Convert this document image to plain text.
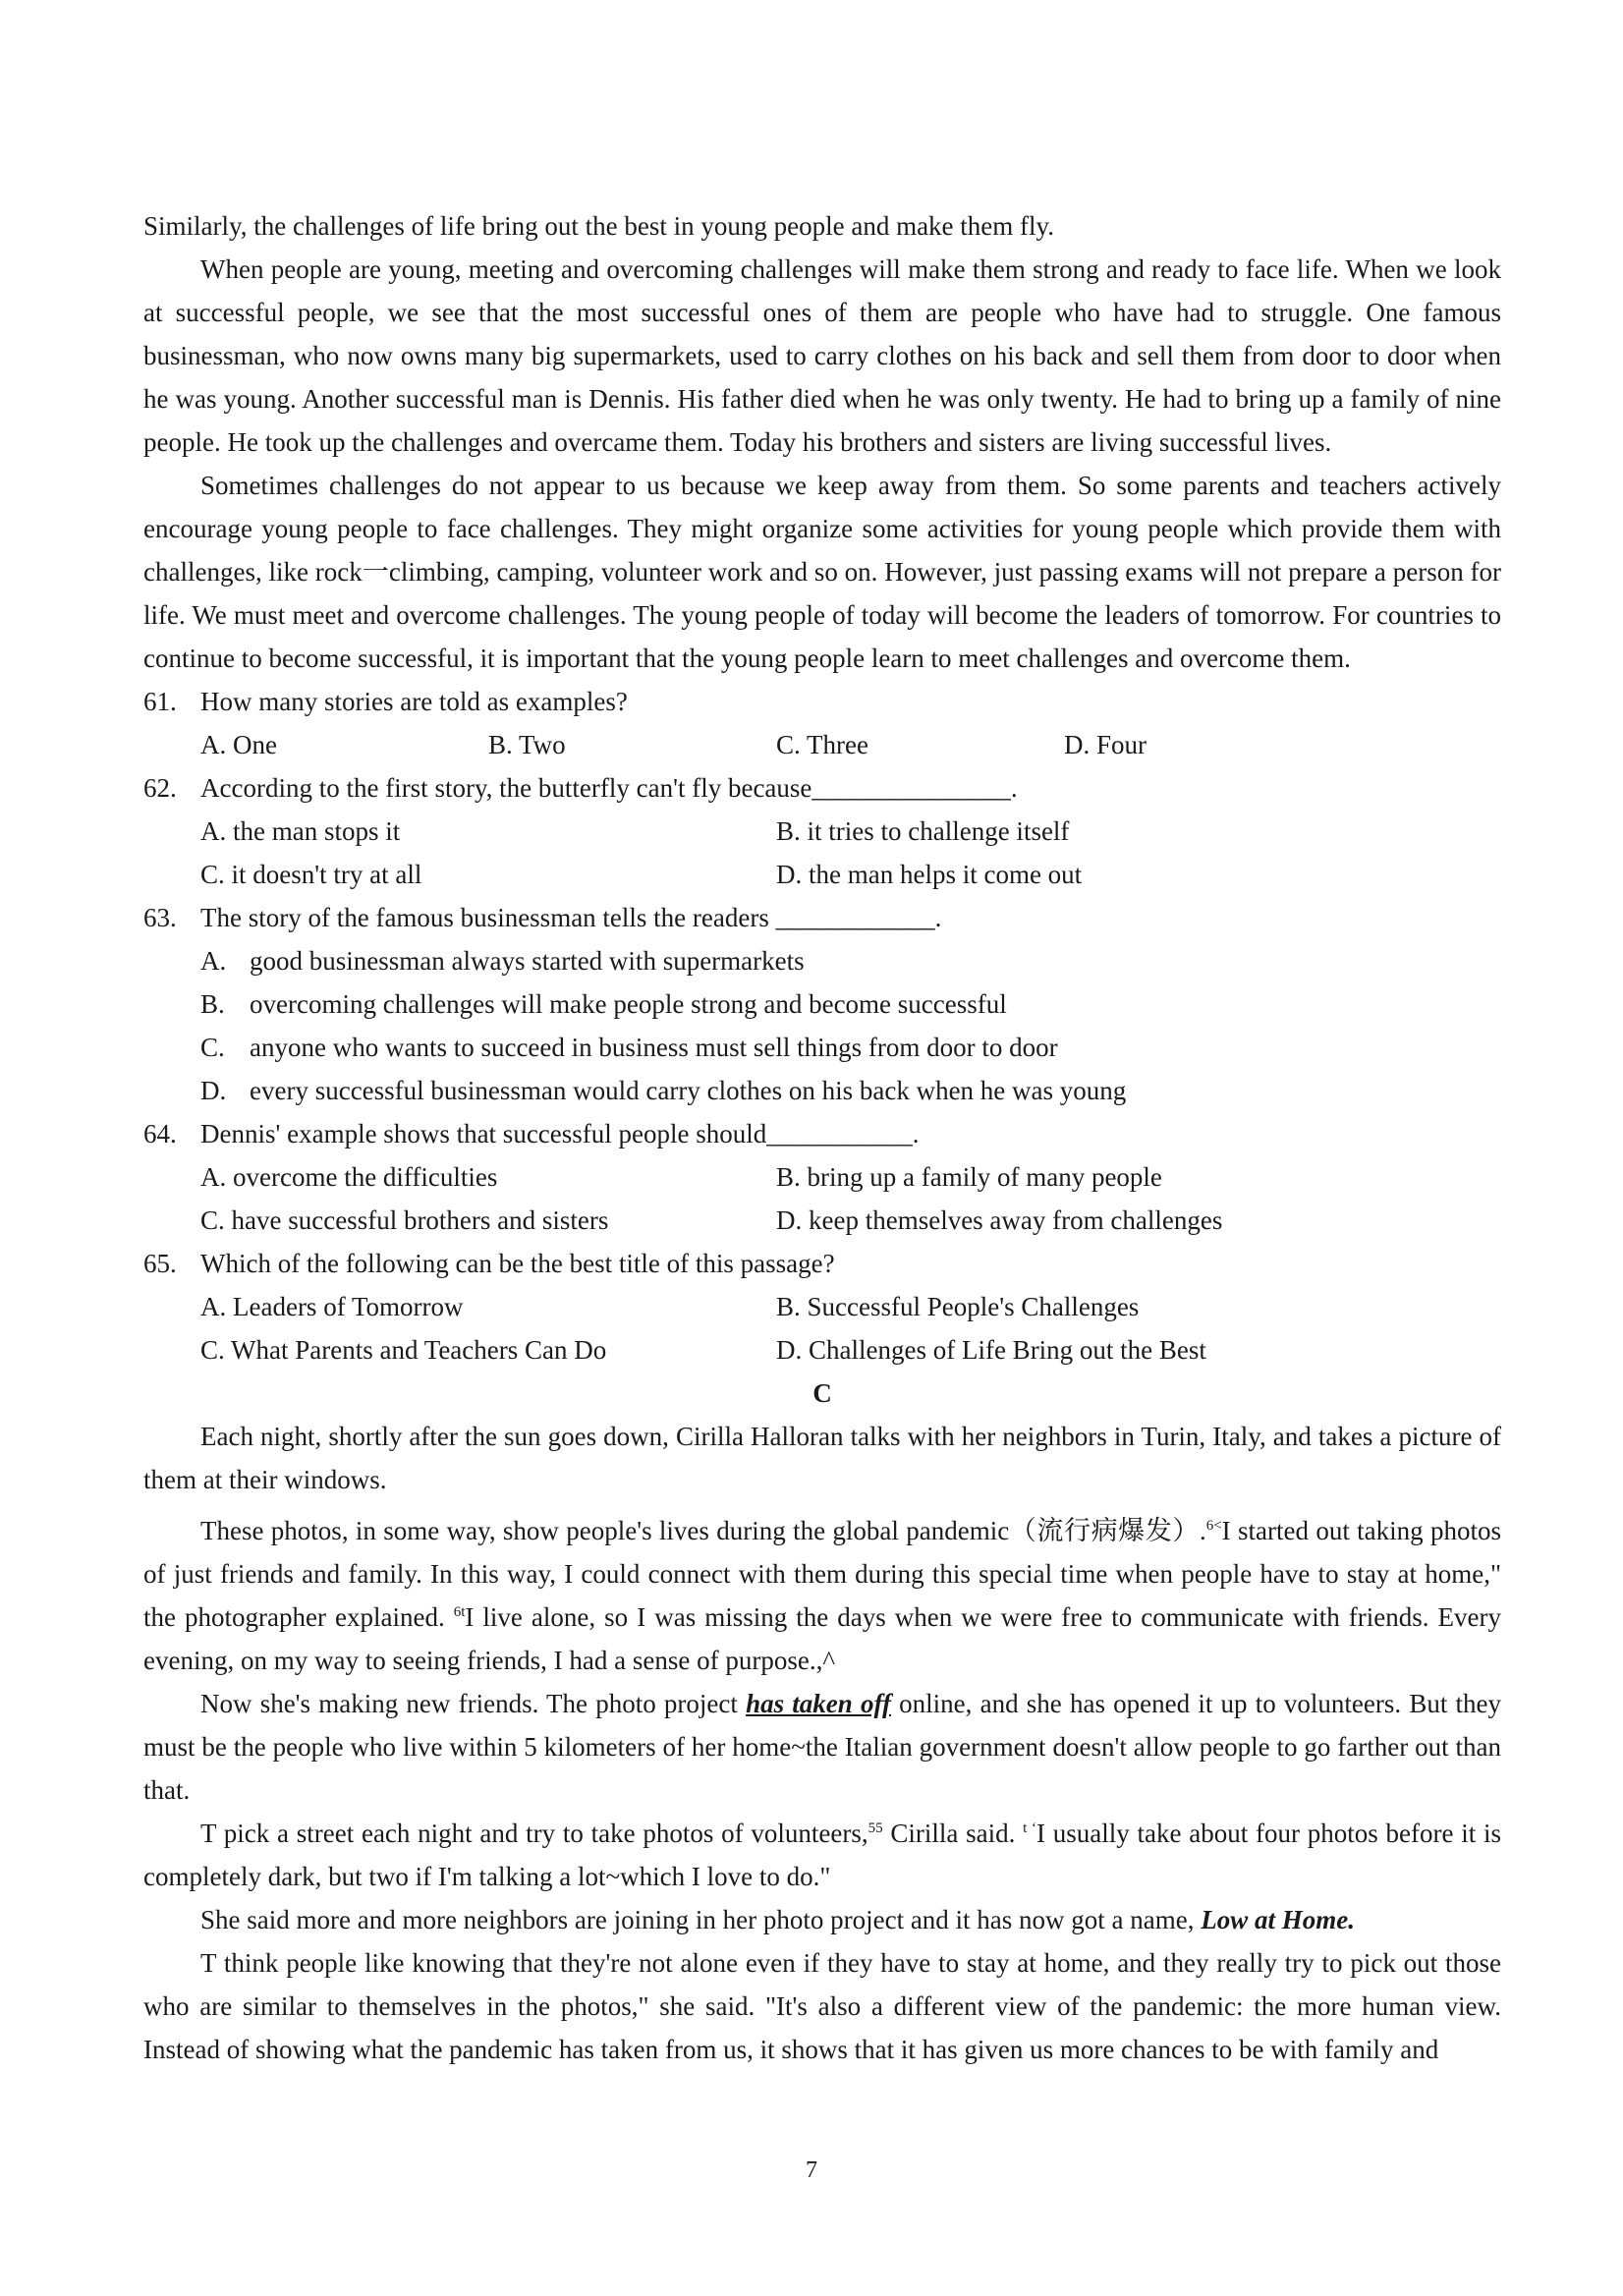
Similarly, the challenges of life bring out the best in young people and make them fly.

When people are young, meeting and overcoming challenges will make them strong and ready to face life. When we look at successful people, we see that the most successful ones of them are people who have had to struggle. One famous businessman, who now owns many big supermarkets, used to carry clothes on his back and sell them from door to door when he was young. Another successful man is Dennis. His father died when he was only twenty. He had to bring up a family of nine people. He took up the challenges and overcame them. Today his brothers and sisters are living successful lives.

Sometimes challenges do not appear to us because we keep away from them. So some parents and teachers actively encourage young people to face challenges. They might organize some activities for young people which provide them with challenges, like rock一climbing, camping, volunteer work and so on. However, just passing exams will not prepare a person for life. We must meet and overcome challenges. The young people of today will become the leaders of tomorrow. For countries to continue to become successful, it is important that the young people learn to meet challenges and overcome them.

61. How many stories are told as examples?
A. One	B. Two	C. Three	D. Four
62. According to the first story, the butterfly can't fly because_______________.
A. the man stops it	B. it tries to challenge itself
C. it doesn't try at all	D. the man helps it come out
63. The story of the famous businessman tells the readers ____________.
A. good businessman always started with supermarkets
B. overcoming challenges will make people strong and become successful
C. anyone who wants to succeed in business must sell things from door to door
D. every successful businessman would carry clothes on his back when he was young
64. Dennis' example shows that successful people should___________.
A. overcome the difficulties	B. bring up a family of many people
C. have successful brothers and sisters	D. keep themselves away from challenges
65. Which of the following can be the best title of this passage?
A. Leaders of Tomorrow	B. Successful People's Challenges
C. What Parents and Teachers Can Do	D. Challenges of Life Bring out the Best
C

Each night, shortly after the sun goes down, Cirilla Halloran talks with her neighbors in Turin, Italy, and takes a picture of them at their windows.

These photos, in some way, show people's lives during the global pandemic（流行病爆发）.$^{6<}$I started out taking photos of just friends and family. In this way, I could connect with them during this special time when people have to stay at home," the photographer explained. $^{6t}$I live alone, so I was missing the days when we were free to communicate with friends. Every evening, on my way to seeing friends, I had a sense of purpose.,^

Now she's making new friends. The photo project has taken off online, and she has opened it up to volunteers. But they must be the people who live within 5 kilometers of her home~the Italian government doesn't allow people to go farther out than that.

T pick a street each night and try to take photos of volunteers,$^{55}$ Cirilla said. $^{t ‘}$I usually take about four photos before it is completely dark, but two if I'm talking a lot~which I love to do."

She said more and more neighbors are joining in her photo project and it has now got a name, Low at Home.

T think people like knowing that they're not alone even if they have to stay at home, and they really try to pick out those who are similar to themselves in the photos," she said. "It's also a different view of the pandemic: the more human view. Instead of showing what the pandemic has taken from us, it shows that it has given us more chances to be with family and

7
